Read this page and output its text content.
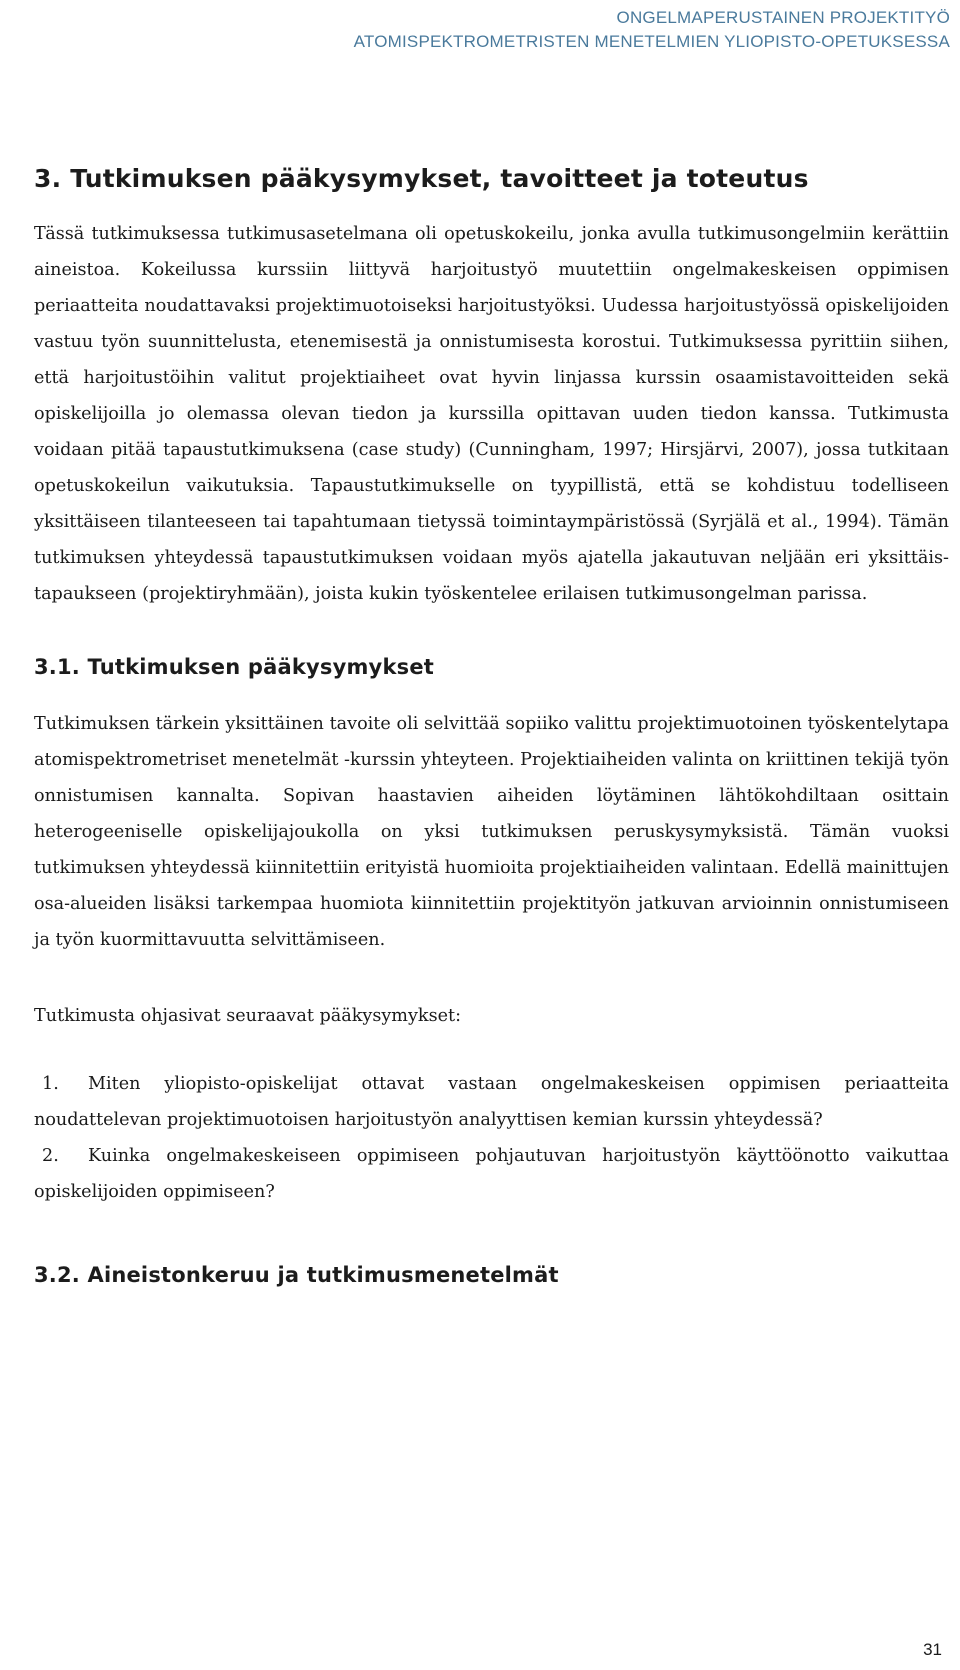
ONGELMAPERUSTAINEN PROJEKTITYÖ
ATOMISPEKTROMETRISTEN MENETELMIEN YLIOPISTO-OPETUKSESSA
3. Tutkimuksen pääkysymykset, tavoitteet ja toteutus

Tässä tutkimuksessa tutkimusasetelmana oli opetuskokeilu, jonka avulla tutkimusongelmiin kerättiin aineistoa. Kokeilussa kurssiin liittyvä harjoitustyö muutettiin ongelmakeskeisen oppimisen periaatteita noudattavaksi projektimuotoiseksi harjoitustyöksi. Uudessa harjoitustyössä opiskelijoiden vastuu työn suunnittelusta, etenemisestä ja onnistumisesta korostui. Tutkimuksessa pyrittiin siihen, että harjoitustöihin valitut projektiaiheet ovat hyvin linjassa kurssin osaamistavoitteiden sekä opiskelijoilla jo olemassa olevan tiedon ja kurssilla opittavan uuden tiedon kanssa. Tutkimusta voidaan pitää tapaustutkimuksena (case study) (Cunningham, 1997; Hirsjärvi, 2007), jossa tutkitaan opetuskokeilun vaikutuksia. Tapaustutkimukselle on tyypillistä, että se kohdistuu todelliseen yksittäiseen tilanteeseen tai tapahtumaan tietyssä toimintaympäristössä (Syrjälä et al., 1994). Tämän tutkimuksen yhteydessä tapaustutkimuksen voidaan myös ajatella jakautuvan neljään eri yksittäistapaukseen (projektiryhmään), joista kukin työskentelee erilaisen tutkimusongelman parissa.

3.1. Tutkimuksen pääkysymykset

Tutkimuksen tärkein yksittäinen tavoite oli selvittää sopiiko valittu projektimuotoinen työskentelytapa atomispektrometriset menetelmät -kurssin yhteyteen. Projektiaiheiden valinta on kriittinen tekijä työn onnistumisen kannalta. Sopivan haastavien aiheiden löytäminen lähtökohdiltaan osittain heterogeeniselle opiskelijajoukolla on yksi tutkimuksen peruskysymyksistä. Tämän vuoksi tutkimuksen yhteydessä kiinnitettiin erityistä huomioita projektiaiheiden valintaan. Edellä mainittujen osa-alueiden lisäksi tarkempaa huomiota kiinnitettiin projektityön jatkuvan arvioinnin onnistumiseen ja työn kuormittavuutta selvittämiseen.

Tutkimusta ohjasivat seuraavat pääkysymykset:

1. Miten yliopisto-opiskelijat ottavat vastaan ongelmakeskeisen oppimisen periaatteita noudattelevan projektimuotoisen harjoitustyön analyyttisen kemian kurssin yhteydessä?
2. Kuinka ongelmakeskeiseen oppimiseen pohjautuvan harjoitustyön käyttöönotto vaikuttaa opiskelijoiden oppimiseen?
3.2. Aineistonkeruu ja tutkimusmenetelmät
31
